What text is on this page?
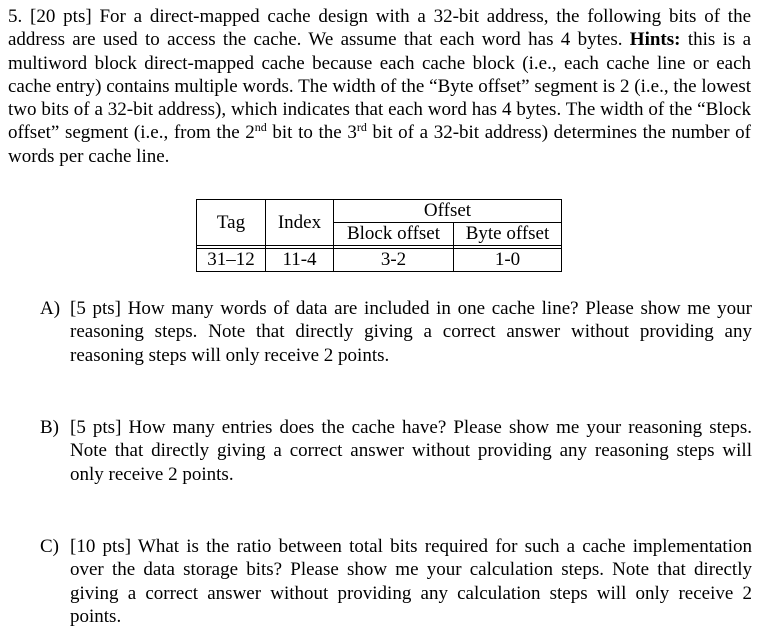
5. [20 pts] For a direct-mapped cache design with a 32-bit address, the following bits of the address are used to access the cache. We assume that each word has 4 bytes. Hints: this is a multiword block direct-mapped cache because each cache block (i.e., each cache line or each cache entry) contains multiple words. The width of the “Byte offset” segment is 2 (i.e., the lowest two bits of a 32-bit address), which indicates that each word has 4 bytes. The width of the “Block offset” segment (i.e., from the 2nd bit to the 3rd bit of a 32-bit address) determines the number of words per cache line.
Tag	Index	Offset	
		Block offset	Byte offset

31–12	11-4	3-2	1-0
A) [5 pts] How many words of data are included in one cache line? Please show me your reasoning steps. Note that directly giving a correct answer without providing any reasoning steps will only receive 2 points.
B) [5 pts] How many entries does the cache have? Please show me your reasoning steps. Note that directly giving a correct answer without providing any reasoning steps will only receive 2 points.
C) [10 pts] What is the ratio between total bits required for such a cache implementation over the data storage bits? Please show me your calculation steps. Note that directly giving a correct answer without providing any calculation steps will only receive 2 points.
